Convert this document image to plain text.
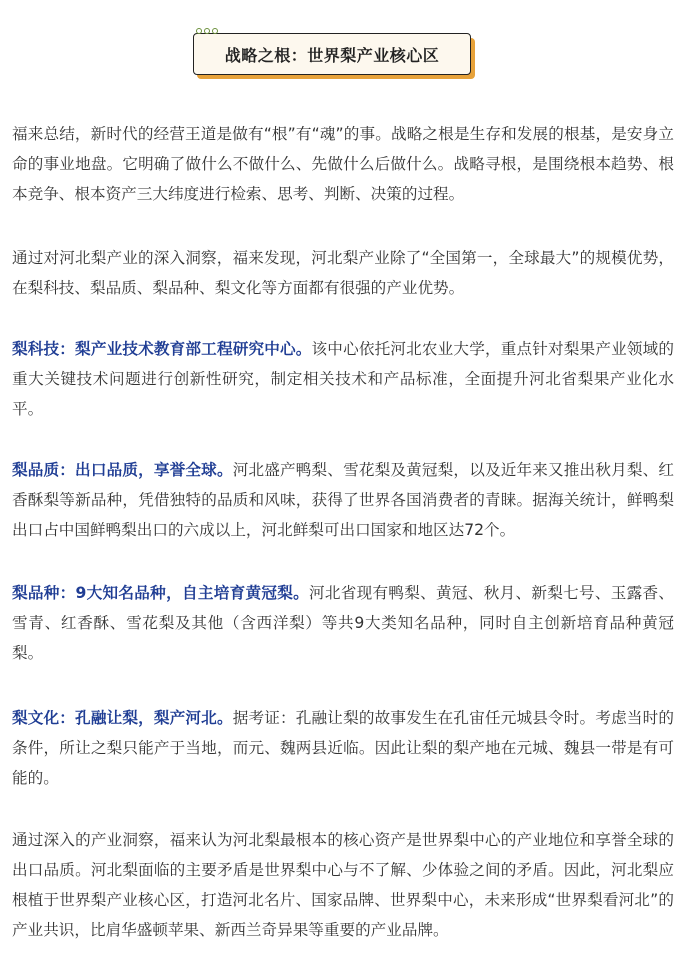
战略之根：世界梨产业核心区

福来总结，新时代的经营王道是做有“根”有“魂”的事。战略之根是生存和发展的根基，是安身立命的事业地盘。它明确了做什么不做什么、先做什么后做什么。战略寻根，是围绕根本趋势、根本竞争、根本资产三大纬度进行检索、思考、判断、决策的过程。

通过对河北梨产业的深入洞察，福来发现，河北梨产业除了“全国第一，全球最大”的规模优势，在梨科技、梨品质、梨品种、梨文化等方面都有很强的产业优势。

梨科技：梨产业技术教育部工程研究中心。该中心依托河北农业大学，重点针对梨果产业领域的重大关键技术问题进行创新性研究，制定相关技术和产品标准，全面提升河北省梨果产业化水平。

梨品质：出口品质，享誉全球。河北盛产鸭梨、雪花梨及黄冠梨，以及近年来又推出秋月梨、红香酥梨等新品种，凭借独特的品质和风味，获得了世界各国消费者的青睐。据海关统计，鲜鸭梨出口占中国鲜鸭梨出口的六成以上，河北鲜梨可出口国家和地区达72个。

梨品种：9大知名品种，自主培育黄冠梨。河北省现有鸭梨、黄冠、秋月、新梨七号、玉露香、雪青、红香酥、雪花梨及其他（含西洋梨）等共9大类知名品种，同时自主创新培育品种黄冠梨。

梨文化：孔融让梨，梨产河北。据考证：孔融让梨的故事发生在孔宙任元城县令时。考虑当时的条件，所让之梨只能产于当地，而元、魏两县近临。因此让梨的梨产地在元城、魏县一带是有可能的。

通过深入的产业洞察，福来认为河北梨最根本的核心资产是世界梨中心的产业地位和享誉全球的出口品质。河北梨面临的主要矛盾是世界梨中心与不了解、少体验之间的矛盾。因此，河北梨应根植于世界梨产业核心区，打造河北名片、国家品牌、世界梨中心，未来形成“世界梨看河北”的产业共识，比肩华盛顿苹果、新西兰奇异果等重要的产业品牌。
